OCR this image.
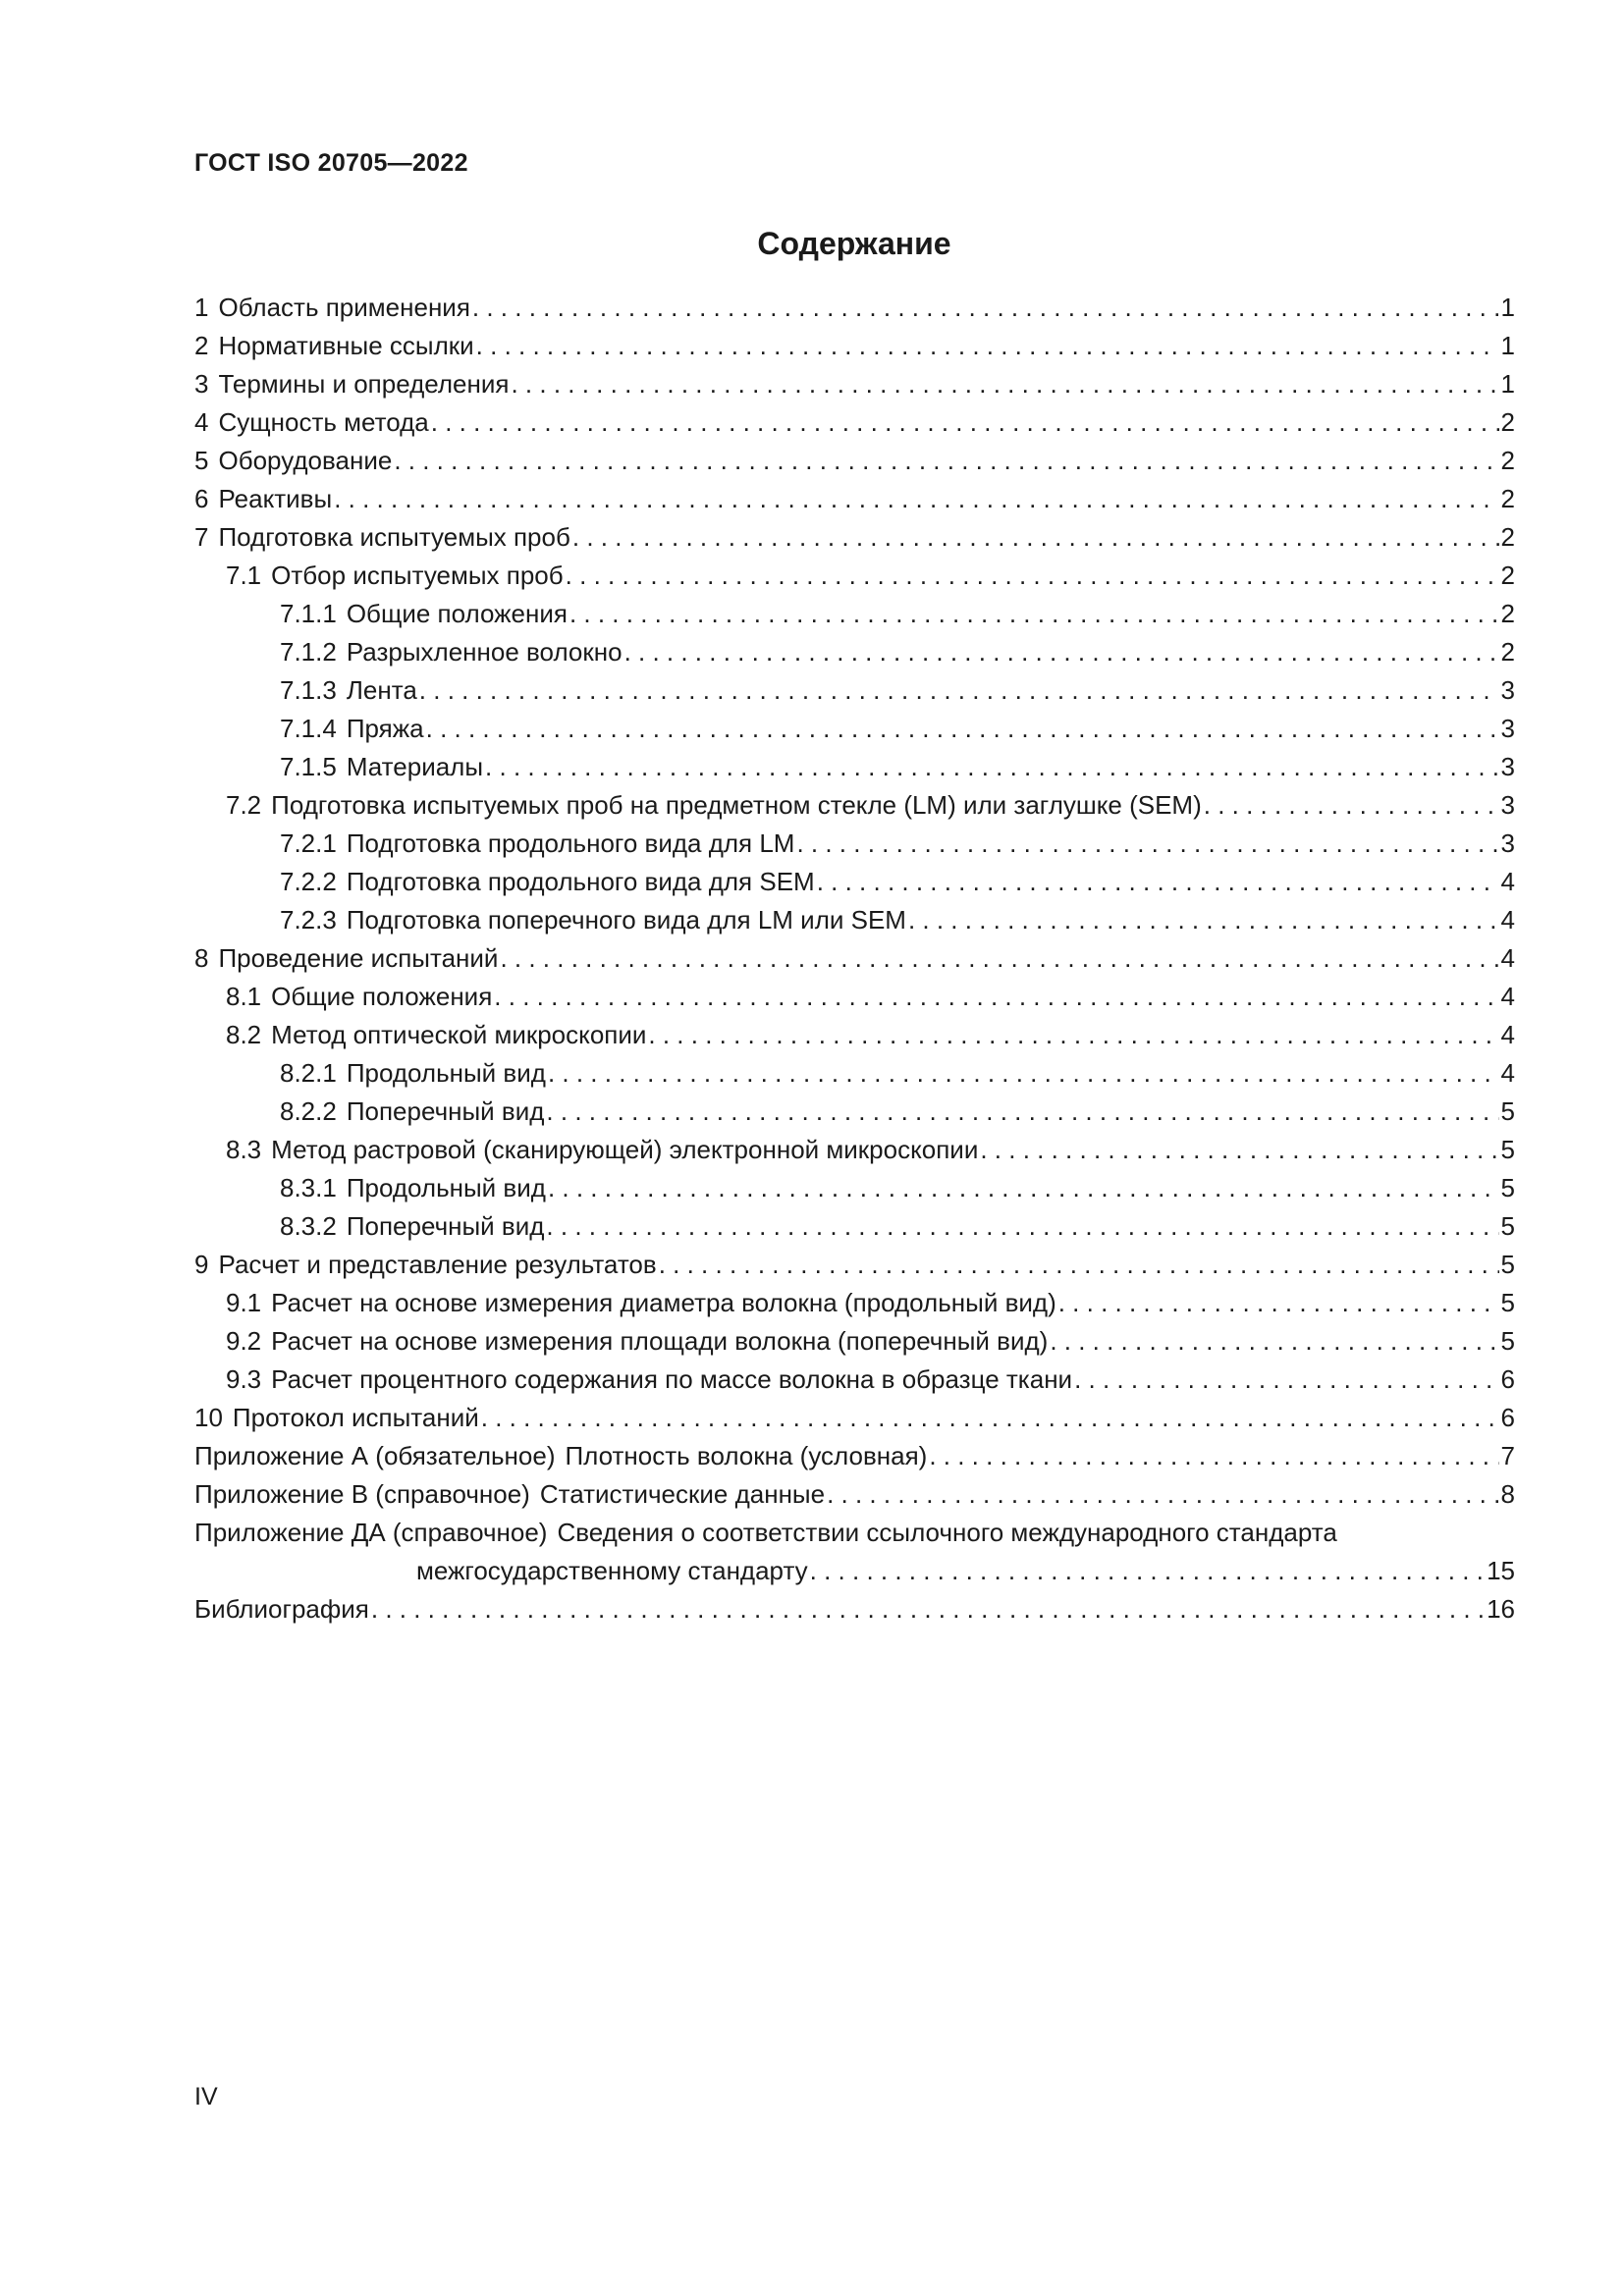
ГОСТ ISO 20705—2022
Содержание
1 Область применения . . .	1
2 Нормативные ссылки . . .	1
3 Термины и определения . . .	1
4 Сущность метода . . .	2
5 Оборудование . . .	2
6 Реактивы . . .	2
7 Подготовка испытуемых проб . . .	2
7.1 Отбор испытуемых проб . . .	2
7.1.1 Общие положения . . .	2
7.1.2 Разрыхленное волокно . . .	2
7.1.3 Лента . . .	3
7.1.4 Пряжа . . .	3
7.1.5 Материалы . . .	3
7.2 Подготовка испытуемых проб на предметном стекле (LM) или заглушке (SEM) . . .	3
7.2.1 Подготовка продольного вида для LM . . .	3
7.2.2 Подготовка продольного вида для SEM . . .	4
7.2.3 Подготовка поперечного вида для LM или SEM . . .	4
8 Проведение испытаний . . .	4
8.1 Общие положения . . .	4
8.2 Метод оптической микроскопии . . .	4
8.2.1 Продольный вид . . .	4
8.2.2 Поперечный вид . . .	5
8.3 Метод растровой (сканирующей) электронной микроскопии . . .	5
8.3.1 Продольный вид . . .	5
8.3.2 Поперечный вид . . .	5
9 Расчет и представление результатов . . .	5
9.1 Расчет на основе измерения диаметра волокна (продольный вид) . . .	5
9.2 Расчет на основе измерения площади волокна (поперечный вид) . . .	5
9.3 Расчет процентного содержания по массе волокна в образце ткани . . .	6
10 Протокол испытаний . . .	6
Приложение А (обязательное) Плотность волокна (условная) . . .	7
Приложение В (справочное) Статистические данные . . .	8
Приложение ДА (справочное) Сведения о соответствии ссылочного международного стандарта
межгосударственному стандарту . . .	15
Библиография . . .	16
IV
